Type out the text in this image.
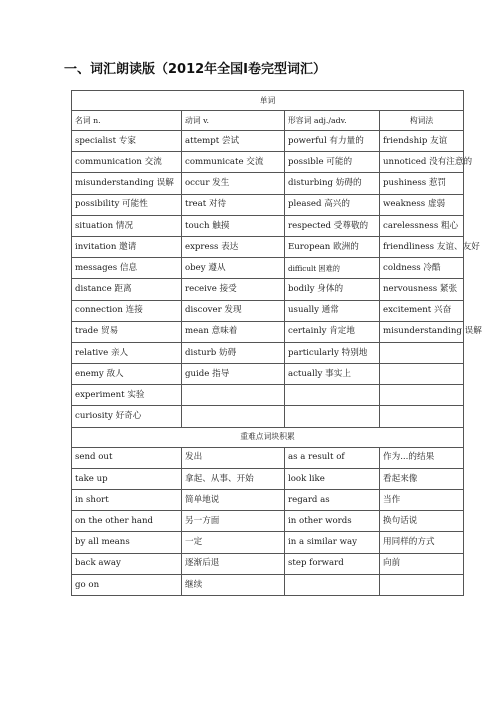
一、词汇朗读版（2012年全国Ⅰ卷完型词汇）
单词			
名词 n.	动词 v.	形容词 adj./adv.	构词法
specialist 专家	attempt 尝试	powerful 有力量的	friendship 友谊
communication 交流	communicate 交流	possible 可能的	unnoticed 没有注意的
misunderstanding 误解	occur 发生	disturbing 妨碍的	pushiness 惹罚
possibility 可能性	treat 对待	pleased 高兴的	weakness 虚弱
situation 情况	touch 触摸	respected 受尊敬的	carelessness 粗心
invitation 邀请	express 表达	European 欧洲的	friendliness 友谊、友好
messages 信息	obey 遵从	difficult 困难的	coldness 冷酷
distance 距离	receive 接受	bodily 身体的	nervousness 紧张
connection 连接	discover 发现	usually 通常	excitement 兴奋
trade 贸易	mean 意味着	certainly 肯定地	misunderstanding 误解
relative 亲人	disturb 妨碍	particularly 特别地	
enemy 敌人	guide 指导	actually 事实上	
experiment 实验			
curiosity 好奇心			
重难点词块积累			
send out	发出	as a result of	作为...的结果
take up	拿起、从事、开始	look like	看起来像
in short	简单地说	regard as	当作
on the other hand	另一方面	in other words	换句话说
by all means	一定	in a similar way	用同样的方式
back away	逐渐后退	step forward	向前
go on	继续		
